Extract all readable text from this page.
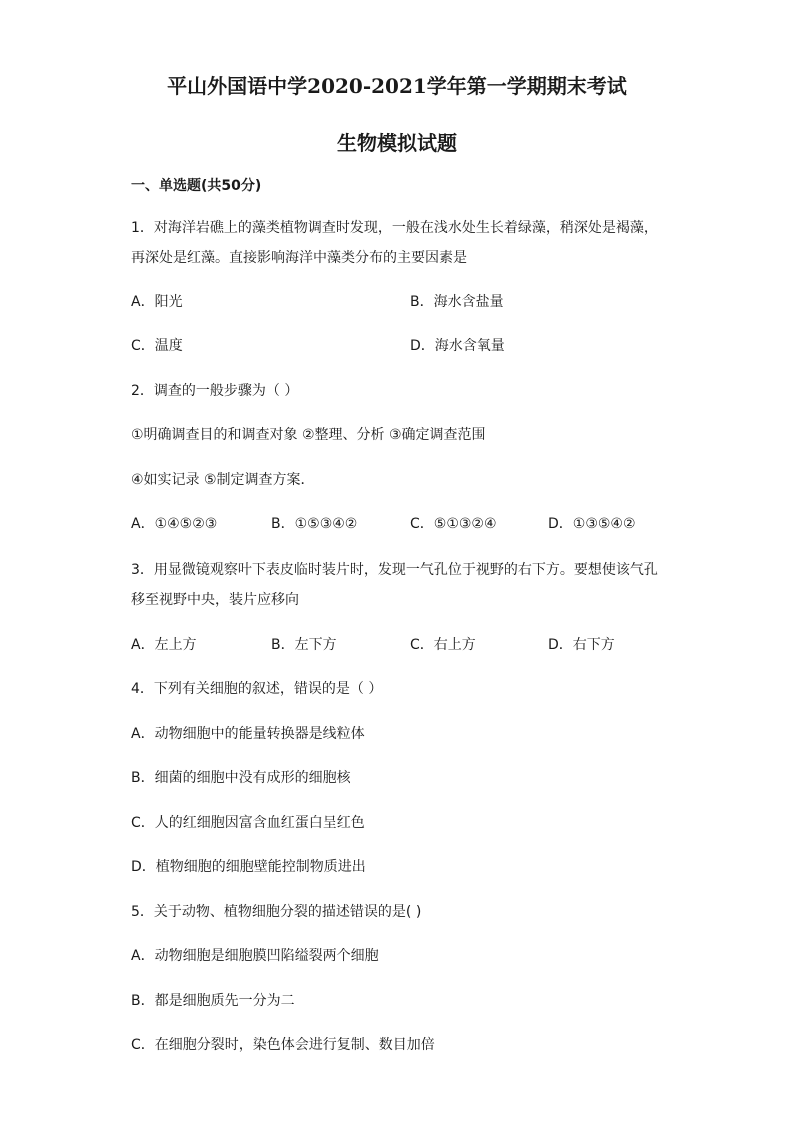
平山外国语中学2020-2021学年第一学期期末考试
生物模拟试题
一、单选题(共50分)
1．对海洋岩礁上的藻类植物调查时发现，一般在浅水处生长着绿藻，稍深处是褐藻，
再深处是红藻。直接影响海洋中藻类分布的主要因素是
A．阳光	B．海水含盐量
C．温度	D．海水含氧量
2．调查的一般步骤为（ ）
①明确调查目的和调查对象 ②整理、分析 ③确定调查范围
④如实记录 ⑤制定调查方案．
A．①④⑤②③	B．①⑤③④②	C．⑤①③②④	D．①③⑤④②
3．用显微镜观察叶下表皮临时装片时，发现一气孔位于视野的右下方。要想使该气孔
移至视野中央，装片应移向
A．左上方	B．左下方	C．右上方	D．右下方
4．下列有关细胞的叙述，错误的是（ ）
A．动物细胞中的能量转换器是线粒体
B．细菌的细胞中没有成形的细胞核
C．人的红细胞因富含血红蛋白呈红色
D．植物细胞的细胞壁能控制物质进出
5．关于动物、植物细胞分裂的描述错误的是( )
A．动物细胞是细胞膜凹陷缢裂两个细胞
B．都是细胞质先一分为二
C．在细胞分裂时，染色体会进行复制、数目加倍
